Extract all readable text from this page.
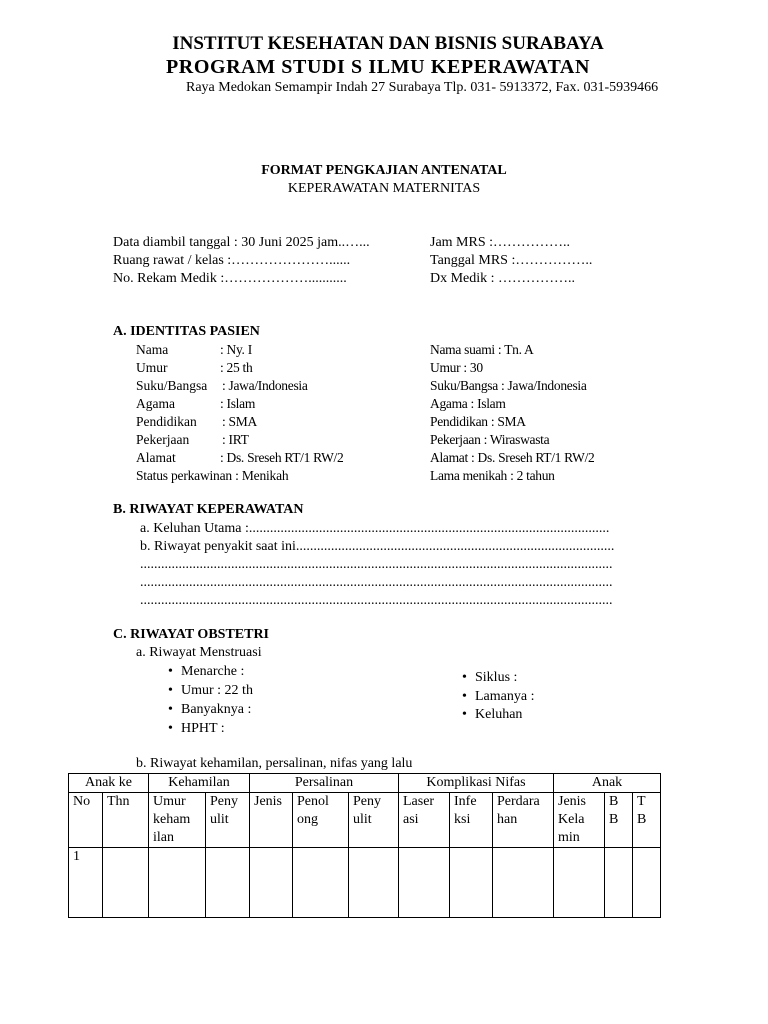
INSTITUT KESEHATAN DAN BISNIS SURABAYA
PROGRAM STUDI S ILMU KEPERAWATAN
Raya Medokan Semampir Indah 27 Surabaya Tlp. 031- 5913372, Fax. 031-5939466
FORMAT PENGKAJIAN ANTENATAL
KEPERAWATAN MATERNITAS
Data diambil tanggal : 30 Juni 2025 jam..…...
Ruang rawat / kelas :…………………......
No. Rekam Medik :………………...........
Jam MRS :……………..
Tanggal MRS :……………..
Dx Medik : ……………..
A. IDENTITAS PASIEN
Nama	: Ny. I
Umur	: 25 th
Suku/Bangsa : Jawa/Indonesia
Agama	: Islam
Pendidikan : SMA
Pekerjaan : IRT
Alamat	: Ds. Sreseh RT/1 RW/2
Status perkawinan : Menikah
Nama suami : Tn. A
Umur : 30
Suku/Bangsa : Jawa/Indonesia
Agama : Islam
Pendidikan : SMA
Pekerjaan : Wiraswasta
Alamat : Ds. Sreseh RT/1 RW/2
Lama menikah : 2 tahun
B. RIWAYAT KEPERAWATAN
a. Keluhan Utama :.......................................................................................................
b. Riwayat penyakit saat ini...........................................................................................
.......................................................................................................................................
.......................................................................................................................................
.......................................................................................................................................
C. RIWAYAT OBSTETRI
a. Riwayat Menstruasi
• Menarche :
• Umur : 22 th
• Banyaknya :
• HPHT :
• Siklus :
• Lamanya :
• Keluhan
b. Riwayat kehamilan, persalinan, nifas yang lalu
Anak ke		Kehamilan		Persalinan			Komplikasi Nifas			Anak		
No	Thn	Umur keham ilan	Peny ulit	Jenis	Penol ong	Peny ulit	Laser asi	Infe ksi	Perdara han	Jenis Kela min	B B	T B
1												
